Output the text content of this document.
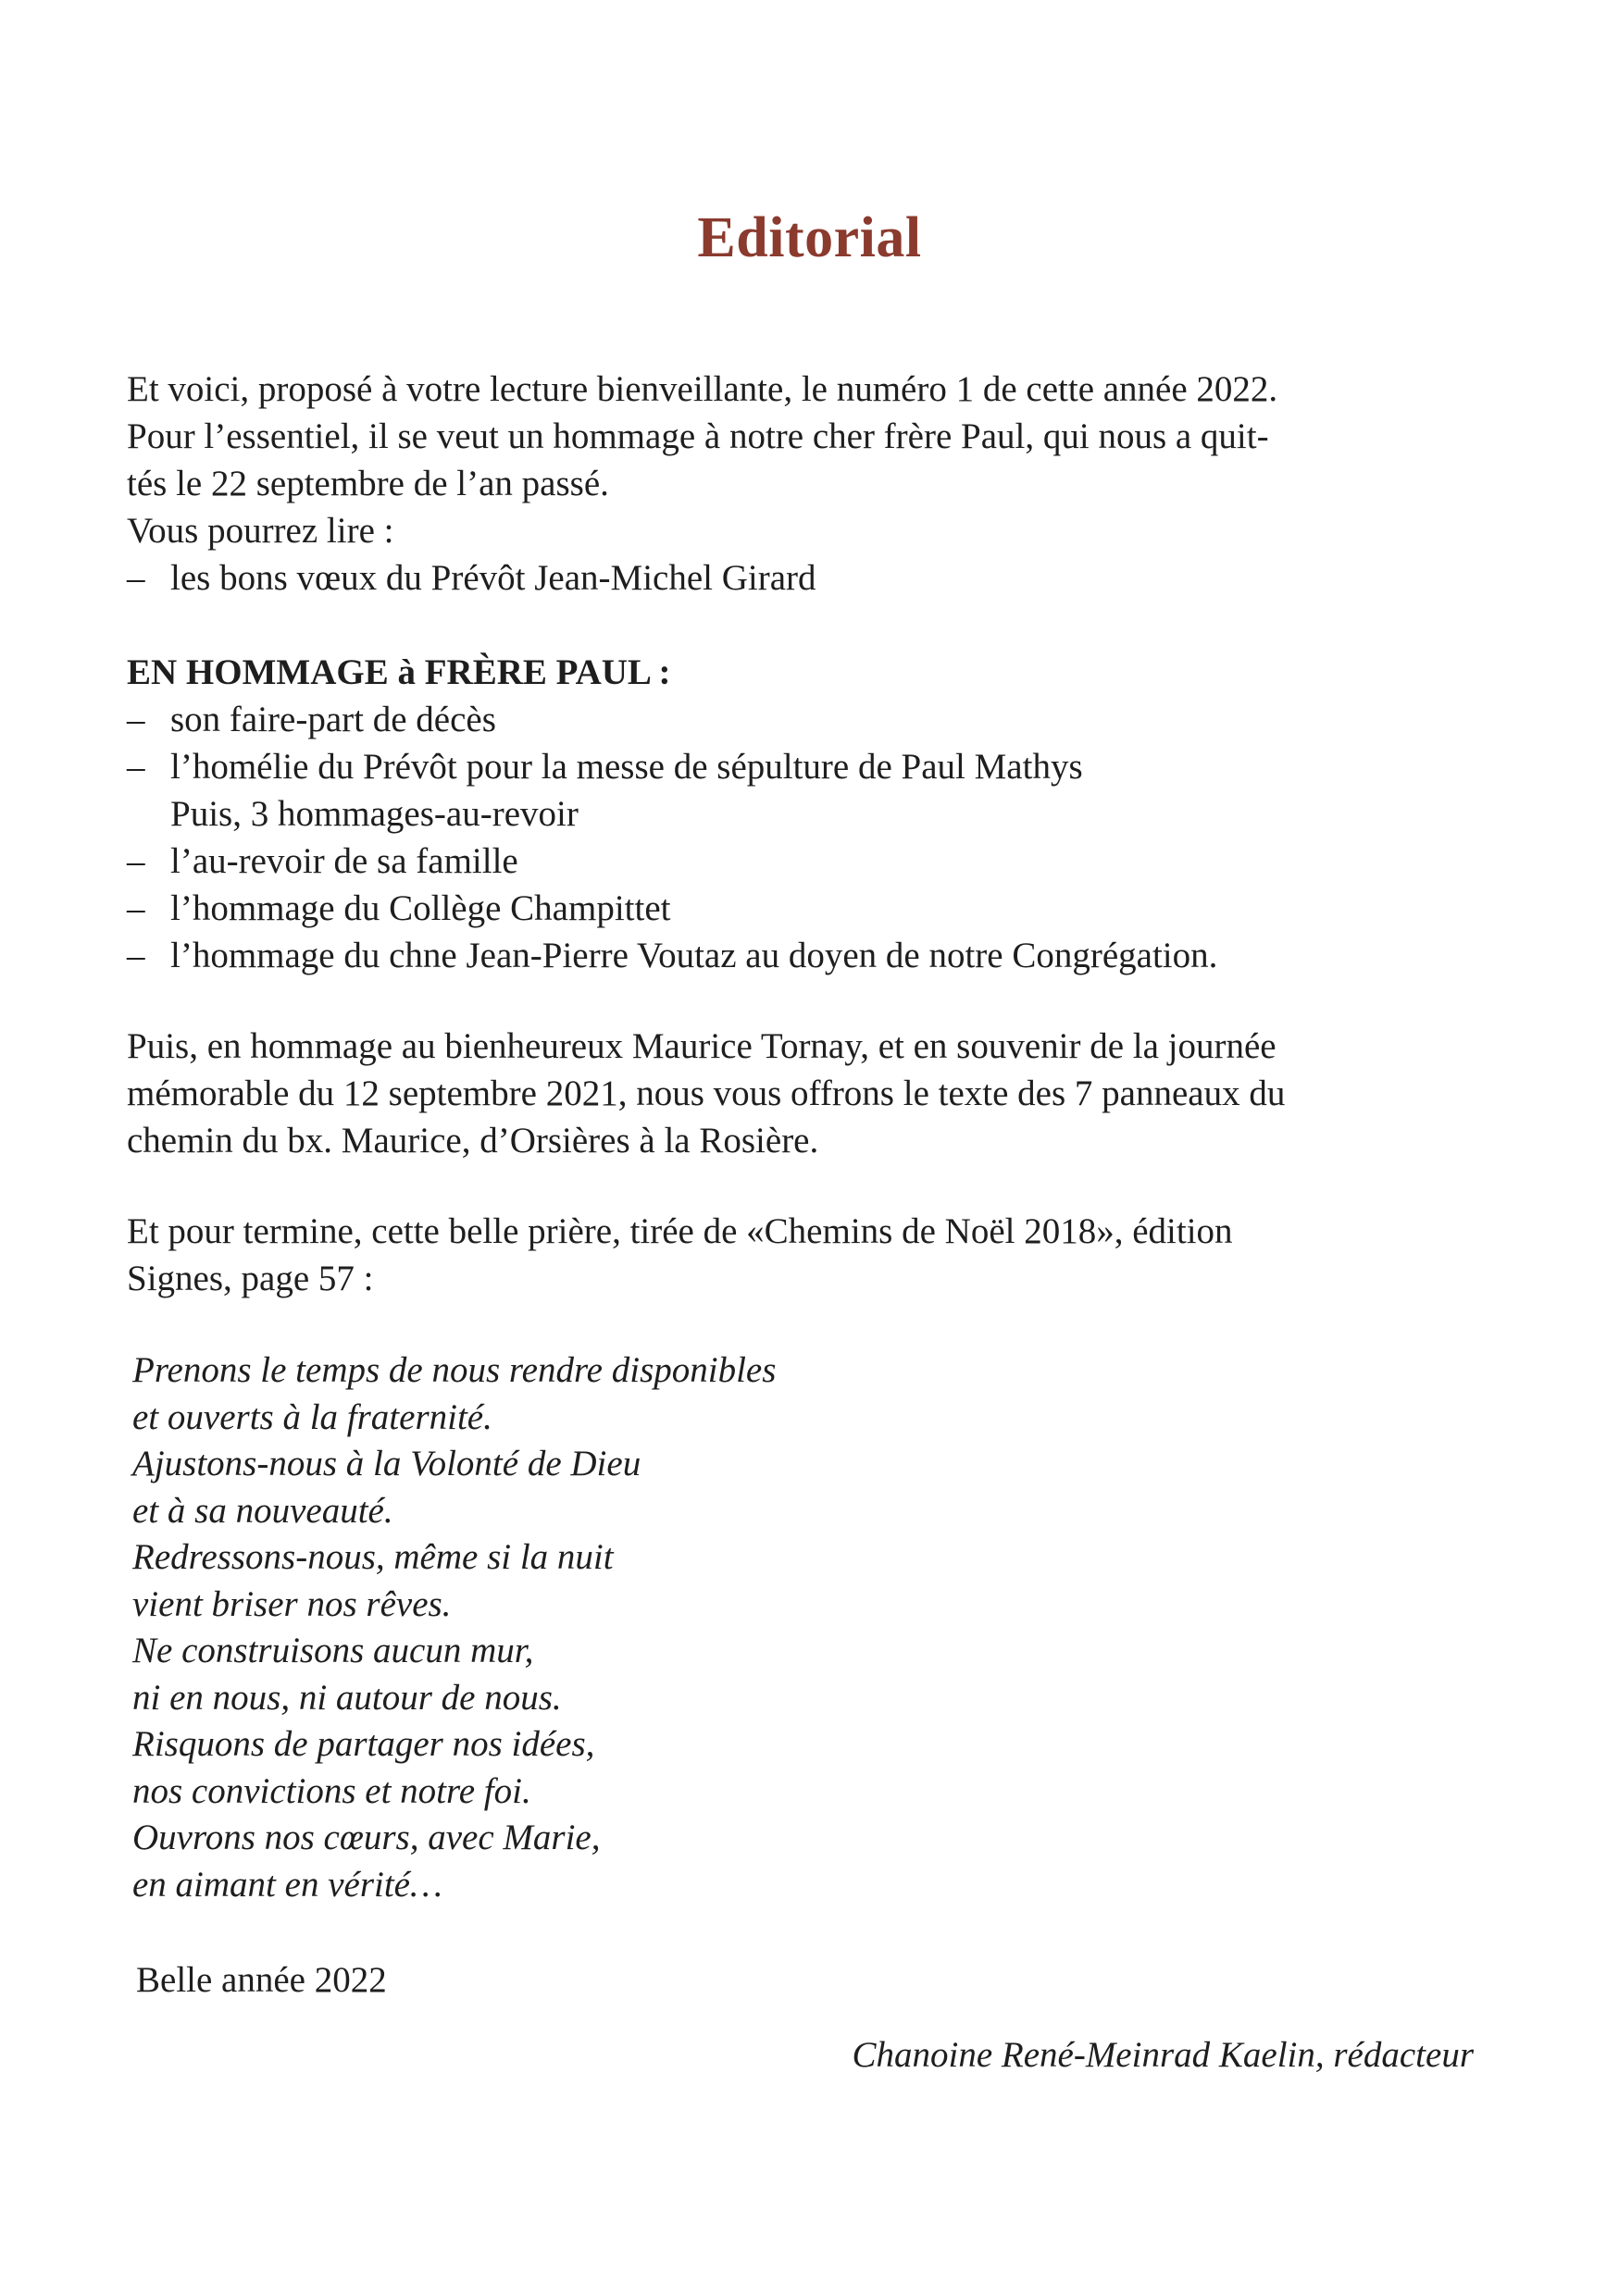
Editorial

Et voici, proposé à votre lecture bienveillante, le numéro 1 de cette année 2022.

Pour l’essentiel, il se veut un hommage à notre cher frère Paul, qui nous a quit-

tés le 22 septembre de l’an passé.

Vous pourrez lire :

– les bons vœux du Prévôt Jean-Michel Girard

EN HOMMAGE à FRÈRE PAUL :

– son faire-part de décès
– l’homélie du Prévôt pour la messe de sépulture de Paul Mathys

Puis, 3 hommages-au-revoir

– l’au-revoir de sa famille
– l’hommage du Collège Champittet
– l’hommage du chne Jean-Pierre Voutaz au doyen de notre Congrégation.

Puis, en hommage au bienheureux Maurice Tornay, et en souvenir de la journée

mémorable du 12 septembre 2021, nous vous offrons le texte des 7 panneaux du

chemin du bx. Maurice, d’Orsières à la Rosière.

Et pour termine, cette belle prière, tirée de «Chemins de Noël 2018», édition

Signes, page 57 :

Prenons le temps de nous rendre disponibles
et ouverts à la fraternité.
Ajustons-nous à la Volonté de Dieu
et à sa nouveauté.
Redressons-nous, même si la nuit
vient briser nos rêves.
Ne construisons aucun mur,
ni en nous, ni autour de nous.
Risquons de partager nos idées,
nos convictions et notre foi.
Ouvrons nos cœurs, avec Marie,
en aimant en vérité…

Belle année 2022

Chanoine René-Meinrad Kaelin, rédacteur
